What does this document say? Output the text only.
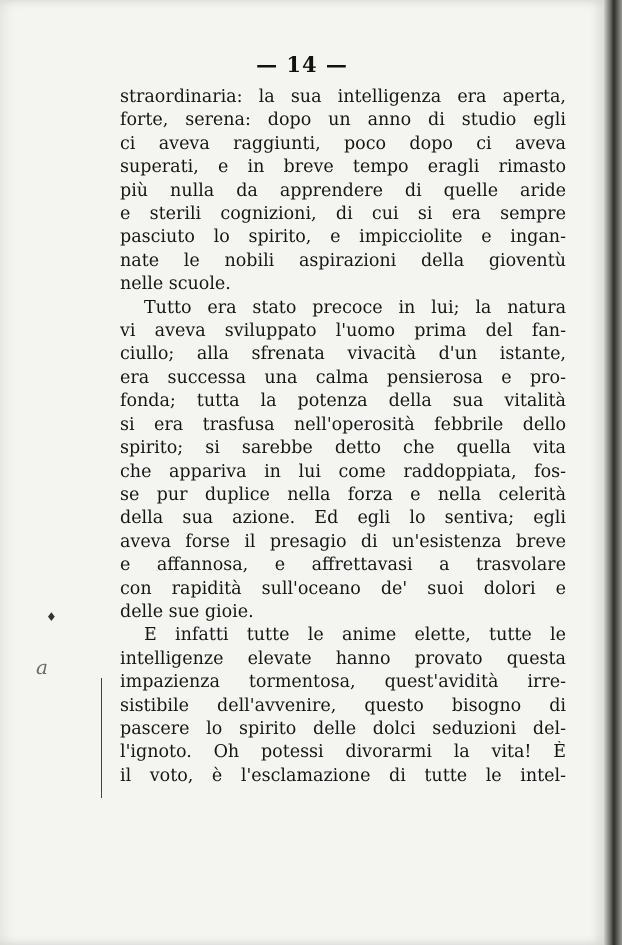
— 14 —
straordinaria: la sua intelligenza era aperta,
forte, serena: dopo un anno di studio egli
ci aveva raggiunti, poco dopo ci aveva
superati, e in breve tempo eragli rimasto
più nulla da apprendere di quelle aride
e sterili cognizioni, di cui si era sempre
pasciuto lo spirito, e impicciolite e ingan-
nate le nobili aspirazioni della gioventù
nelle scuole.
Tutto era stato precoce in lui; la natura
vi aveva sviluppato l'uomo prima del fan-
ciullo; alla sfrenata vivacità d'un istante,
era successa una calma pensierosa e pro-
fonda; tutta la potenza della sua vitalità
si era trasfusa nell'operosità febbrile dello
spirito; si sarebbe detto che quella vita
che appariva in lui come raddoppiata, fos-
se pur duplice nella forza e nella celerità
della sua azione. Ed egli lo sentiva; egli
aveva forse il presagio di un'esistenza breve
e affannosa, e affrettavasi a trasvolare
con rapidità sull'oceano de' suoi dolori e
delle sue gioie.
E infatti tutte le anime elette, tutte le
intelligenze elevate hanno provato questa
impazienza tormentosa, quest'avidità irre-
sistibile dell'avvenire, questo bisogno di
pascere lo spirito delle dolci seduzioni del-
l'ignoto. Oh potessi divorarmi la vita! È
il voto, è l'esclamazione di tutte le intel-
♦
a
